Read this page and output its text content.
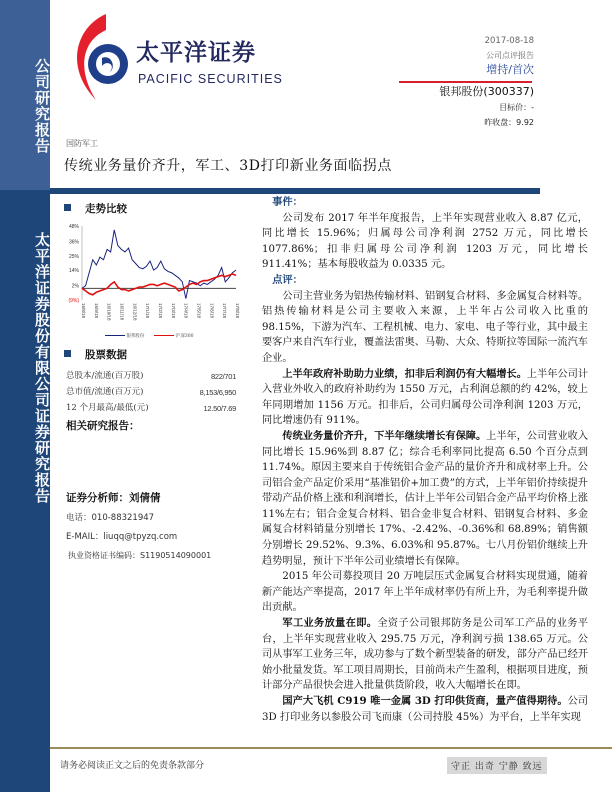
公司研究报告
太平洋证券股份有限公司证券研究报告
太平洋证券
PACIFIC SECURITIES
2017-08-18
公司点评报告
增持/首次
银邦股份(300337)
目标价：-
昨收盘：9.92
国防军工
传统业务量价齐升，军工、3D打印新业务面临拐点
走势比较
(9%)
2%
14%
25%
36%
48%
16/8/18 16/9/18 16/10/18 16/11/18 16/12/18 17/1/18 17/2/18 17/3/18 17/4/18 17/5/18 17/6/18 17/7/18 17/8/18
银邦股份	沪深300
股票数据
总股本/流通(百万股)	822/701
总市值/流通(百万元)	8,153/6,950
12 个月最高/最低(元)	12.50/7.69
相关研究报告：
证券分析师：刘倩倩
电话：010-88321947
E-MAIL：liuqq@tpyzq.com
执业资格证书编码：S1190514090001
事件：

公司发布 2017 年半年度报告，上半年实现营业收入 8.87 亿元，同比增长 15.96%；归属母公司净利润 2752 万元，同比增长 1077.86%；扣非归属母公司净利润 1203 万元，同比增长 911.41%；基本每股收益为 0.0335 元。

点评：

公司主营业务为铝热传输材料、铝钢复合材料、多金属复合材料等。铝热传输材料是公司主要收入来源，上半年占公司收入比重的 98.15%，下游为汽车、工程机械、电力、家电、电子等行业，其中最主要客户来自汽车行业，覆盖法雷奥、马勒、大众、特斯拉等国际一流汽车企业。

上半年政府补助助力业绩，扣非后利润仍有大幅增长。上半年公司计入营业外收入的政府补助约为 1550 万元，占利润总额的约 42%，较上年同期增加 1156 万元。扣非后，公司归属母公司净利润 1203 万元，同比增速仍有 911%。

传统业务量价齐升，下半年继续增长有保障。上半年，公司营业收入同比增长 15.96%到 8.87 亿；综合毛利率同比提高 6.50 个百分点到 11.74%。原因主要来自于传统铝合金产品的量价齐升和成材率上升。公司铝合金产品定价采用“基准铝价+加工费”的方式，上半年铝价持续提升带动产品价格上涨和利润增长，估计上半年公司铝合金产品平均价格上涨 11%左右；铝合金复合材料、铝合金非复合材料、铝钢复合材料、多金属复合材料销量分别增长 17%、-2.42%、-0.36%和 68.89%；销售额分别增长 29.52%、9.3%、6.03%和 95.87%。七八月份铝价继续上升趋势明显，预计下半年公司业绩增长有保障。

2015 年公司募投项目 20 万吨层压式金属复合材料实现贯通，随着新产能达产率提高，2017 年上半年成材率仍有所上升，为毛利率提升做出贡献。

军工业务放量在即。全资子公司银邦防务是公司军工产品的业务平台，上半年实现营业收入 295.75 万元，净利润亏损 138.65 万元。公司从事军工业务三年，成功参与了数个新型装备的研发，部分产品已经开始小批量发货。军工项目周期长，目前尚未产生盈利，根据项目进度，预计部分产品很快会进入批量供货阶段，收入大幅增长在即。

国产大飞机 C919 唯一金属 3D 打印供货商，量产值得期待。公司 3D 打印业务以参股公司飞而康（公司持股 45%）为平台，上半年实现

请务必阅读正文之后的免责条款部分	守正 出奇 宁静 致远
